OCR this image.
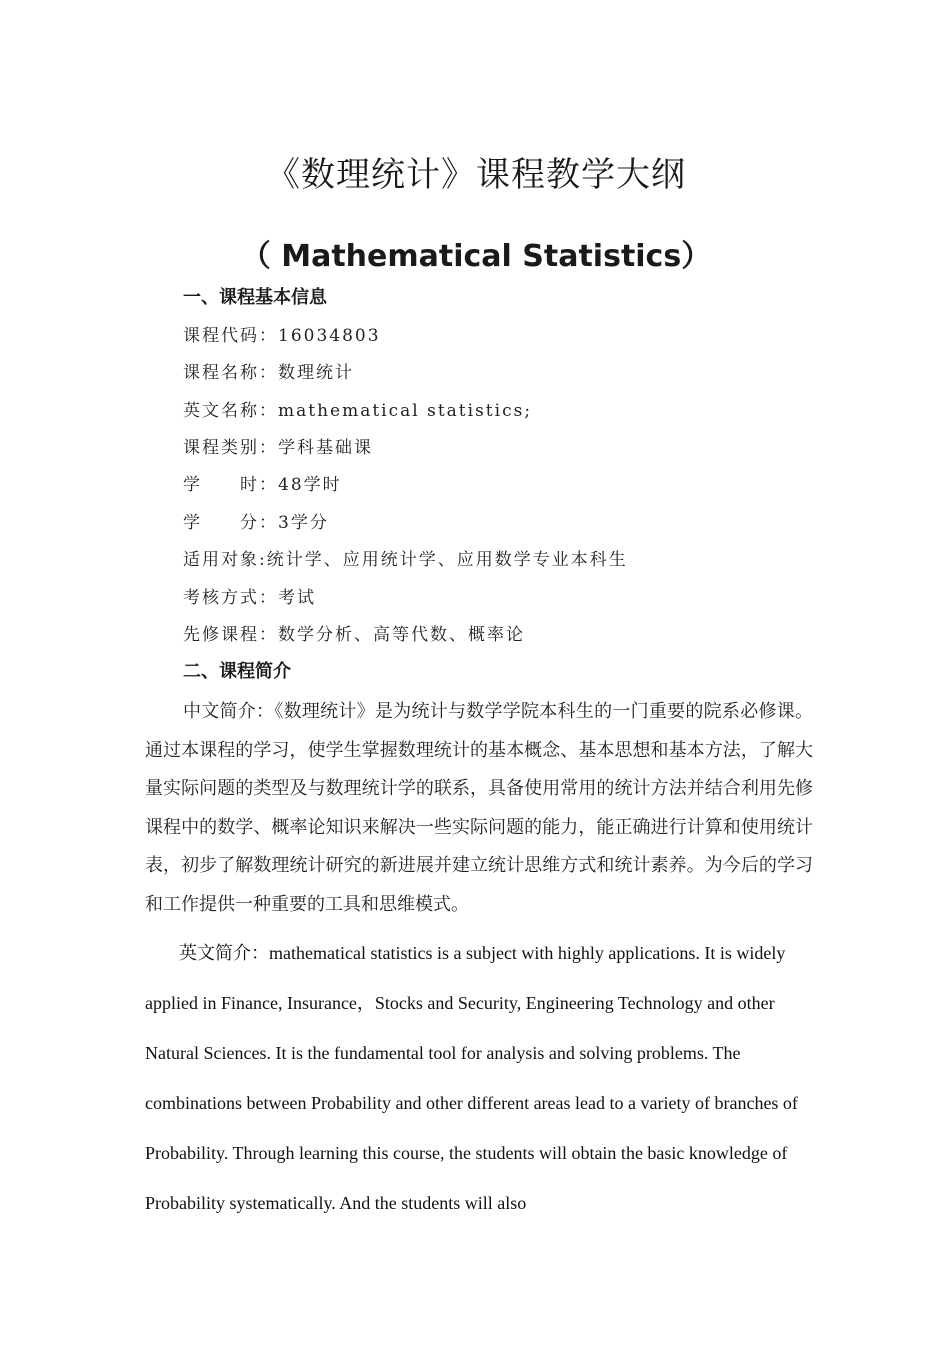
《数理统计》课程教学大纲
（ Mathematical Statistics）
一、课程基本信息
课程代码：16034803
课程名称：数理统计
英文名称：mathematical statistics;
课程类别：学科基础课
学　　时：48学时
学　　分：3学分
适用对象:统计学、应用统计学、应用数学专业本科生
考核方式：考试
先修课程：数学分析、高等代数、概率论
二、课程简介

中文简介：《数理统计》是为统计与数学学院本科生的一门重要的院系必修课。通过本课程的学习，使学生掌握数理统计的基本概念、基本思想和基本方法，了解大量实际问题的类型及与数理统计学的联系，具备使用常用的统计方法并结合利用先修课程中的数学、概率论知识来解决一些实际问题的能力，能正确进行计算和使用统计表，初步了解数理统计研究的新进展并建立统计思维方式和统计素养。为今后的学习和工作提供一种重要的工具和思维模式。

英文简介：mathematical statistics is a subject with highly applications. It is widely applied in Finance, Insurance，Stocks and Security, Engineering Technology and other Natural Sciences. It is the fundamental tool for analysis and solving problems. The combinations between Probability and other different areas lead to a variety of branches of Probability. Through learning this course, the students will obtain the basic knowledge of Probability systematically. And the students will also
